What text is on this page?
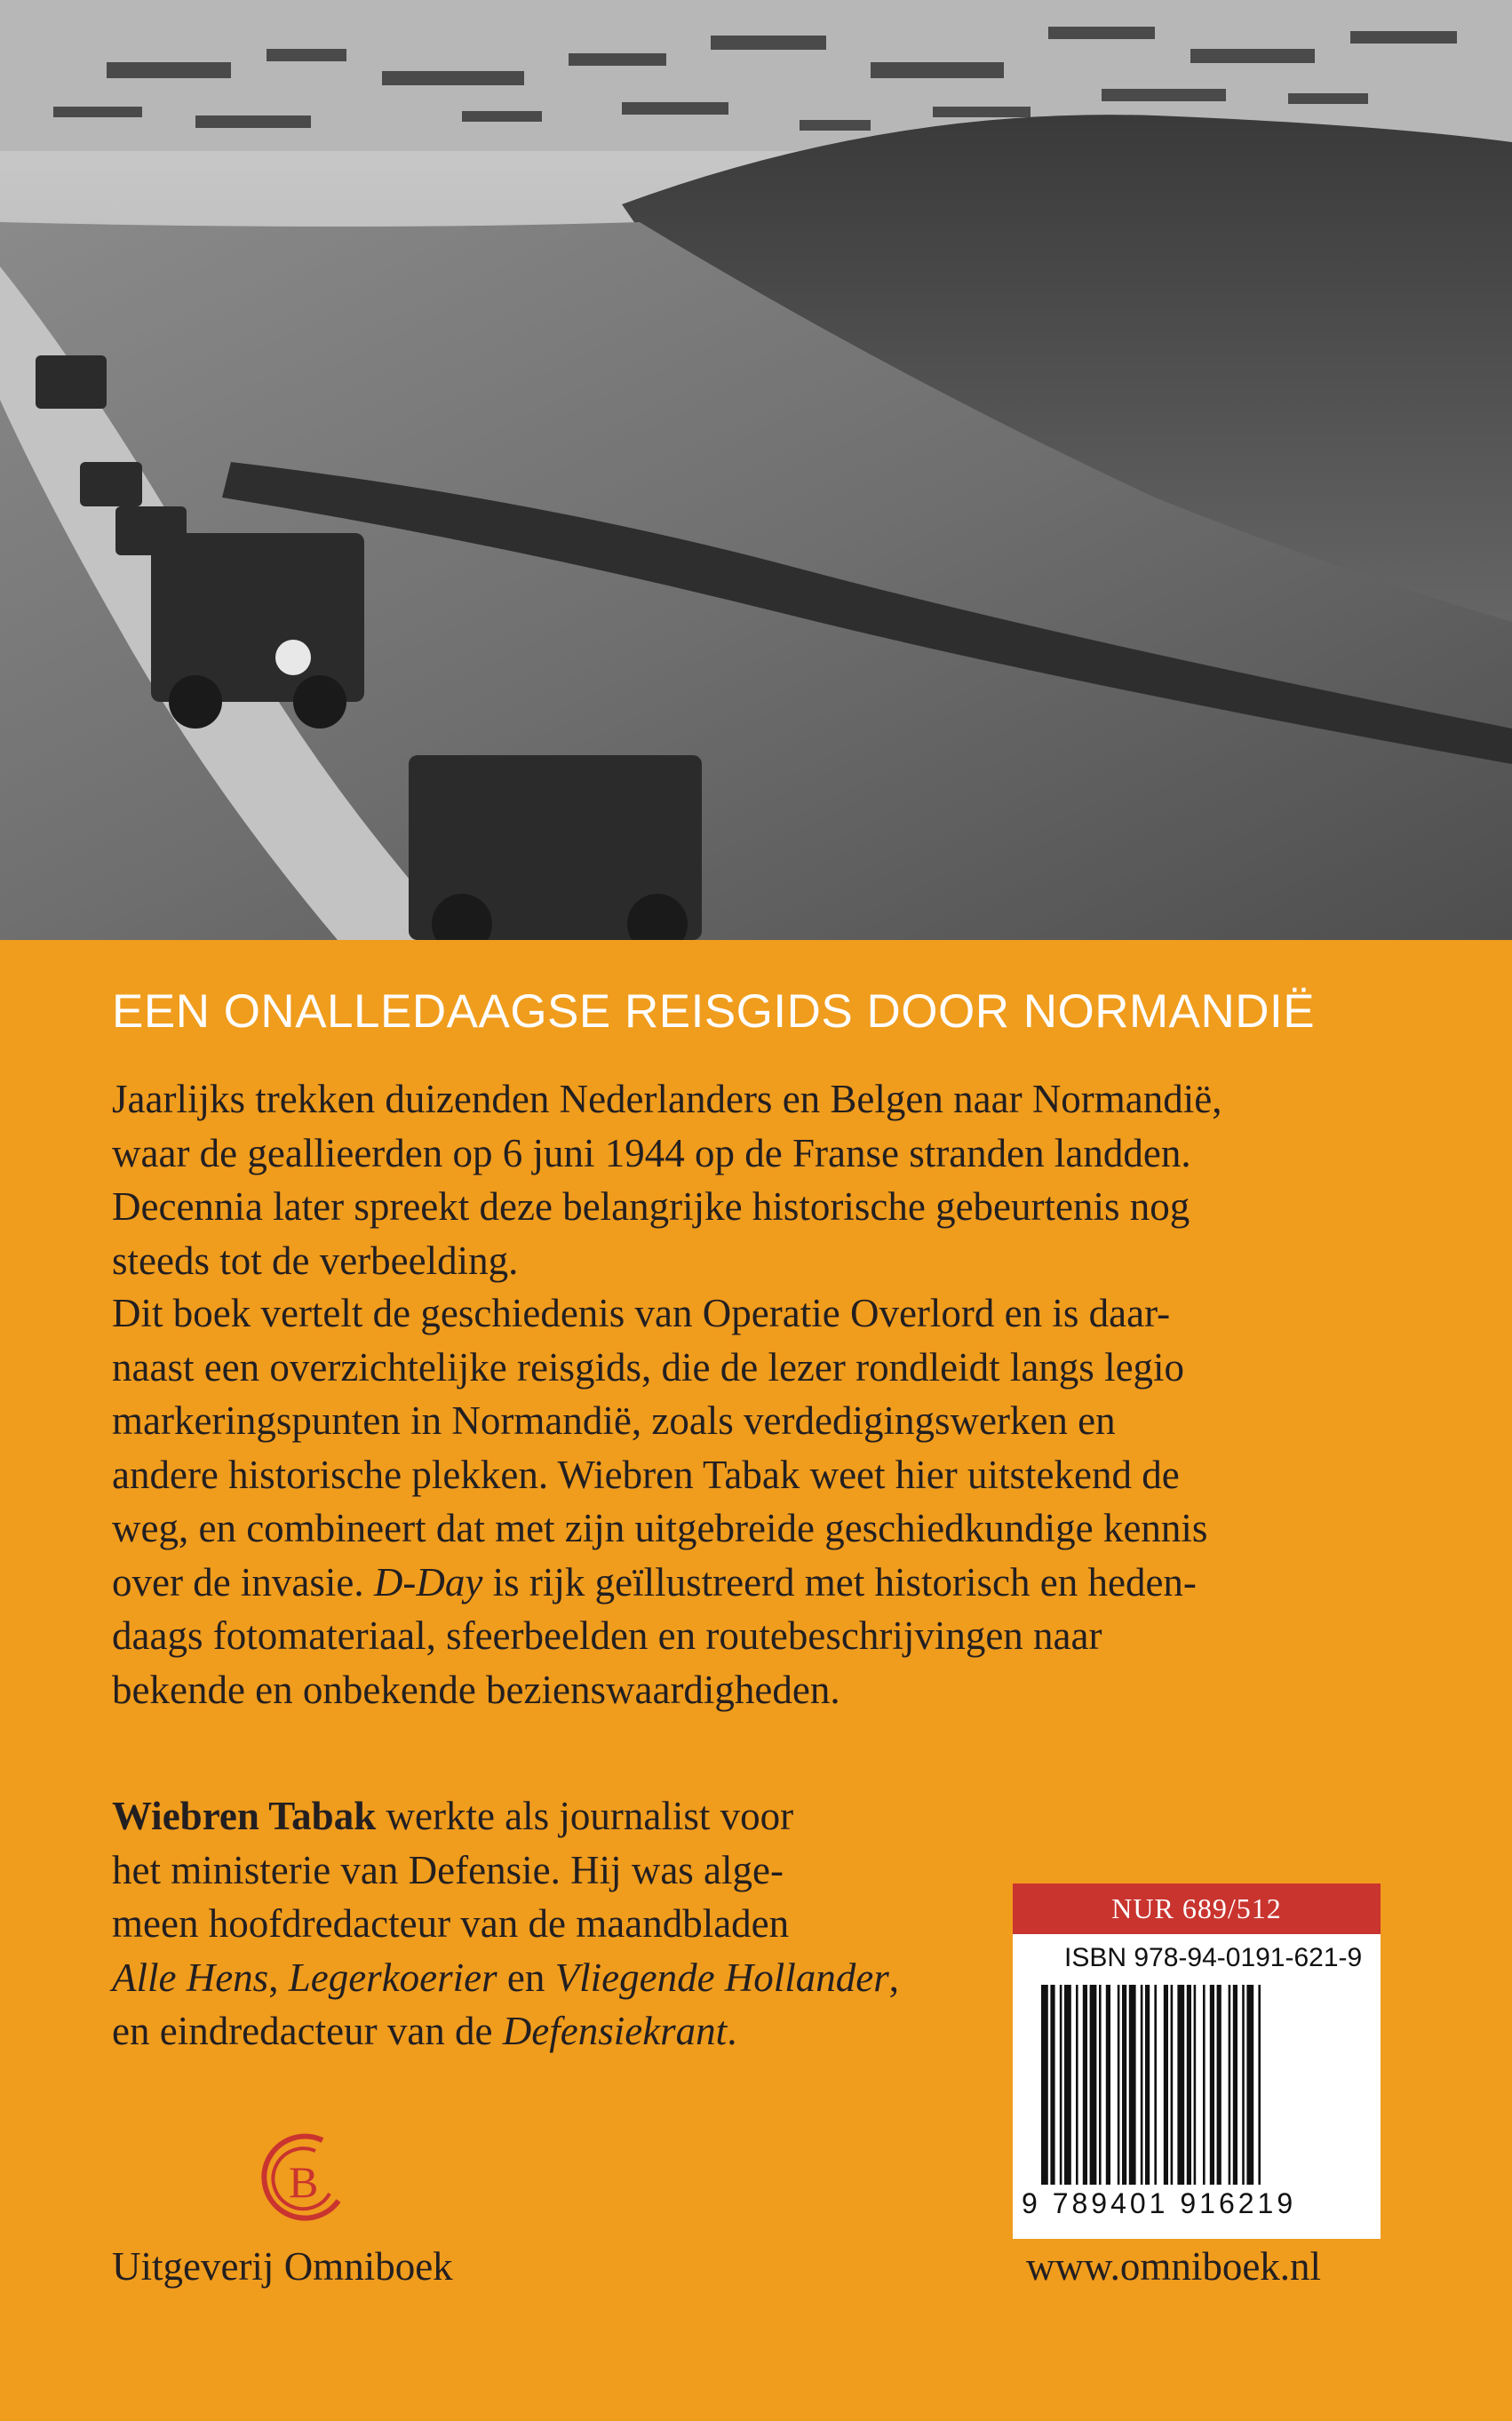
EEN ONALLEDAAGSE REISGIDS DOOR NORMANDIË
Jaarlijks trekken duizenden Nederlanders en Belgen naar Normandië,
waar de geallieerden op 6 juni 1944 op de Franse stranden landden.
Decennia later spreekt deze belangrijke historische gebeurtenis nog
steeds tot de verbeelding.
Dit boek vertelt de geschiedenis van Operatie Overlord en is daar-
naast een overzichtelijke reisgids, die de lezer rondleidt langs legio
markeringspunten in Normandië, zoals verdedigingswerken en
andere historische plekken. Wiebren Tabak weet hier uitstekend de
weg, en combineert dat met zijn uitgebreide geschiedkundige kennis
over de invasie. D-Day is rijk geïllustreerd met historisch en heden-
daags fotomateriaal, sfeerbeelden en routebeschrijvingen naar
bekende en onbekende bezienswaardigheden.
Wiebren Tabak werkte als journalist voor
het ministerie van Defensie. Hij was alge-
meen hoofdredacteur van de maandbladen
Alle Hens, Legerkoerier en Vliegende Hollander,
en eindredacteur van de Defensiekrant.
NUR 689/512
ISBN 978-94-0191-621-9
9 789401 916219
B
Uitgeverij Omniboek	www.omniboek.nl
